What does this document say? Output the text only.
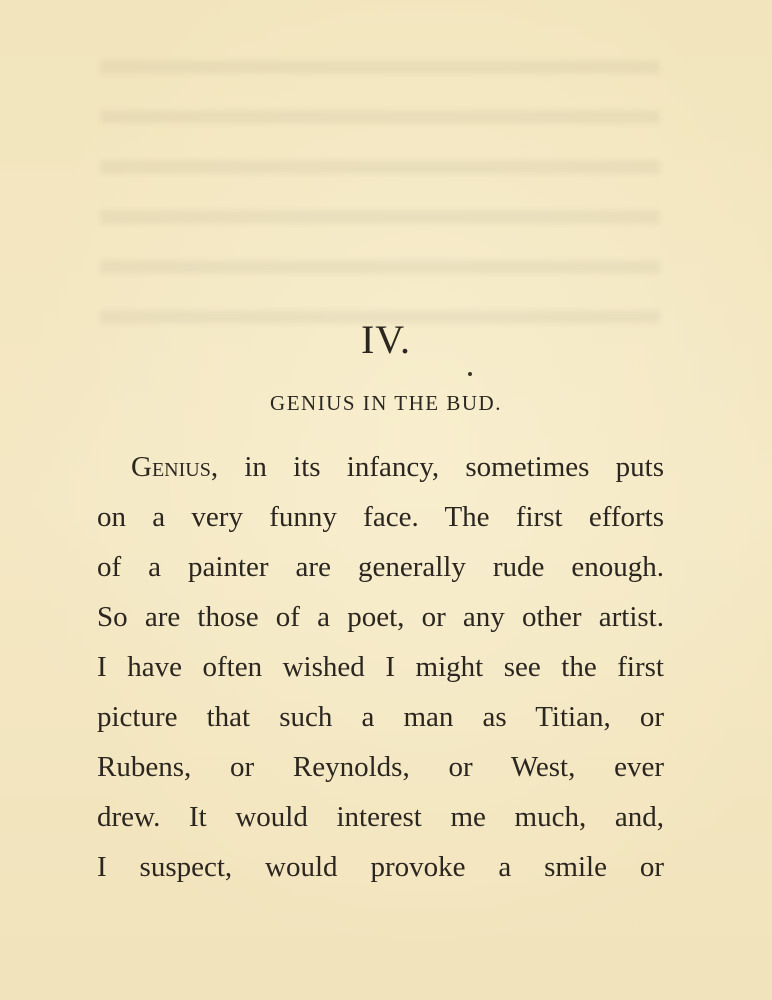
IV.
GENIUS IN THE BUD.
Genius, in its infancy, sometimes puts
on a very funny face. The first efforts
of a painter are generally rude enough.
So are those of a poet, or any other artist.
I have often wished I might see the first
picture that such a man as Titian, or
Rubens, or Reynolds, or West, ever
drew. It would interest me much, and,
I suspect, would provoke a smile or
